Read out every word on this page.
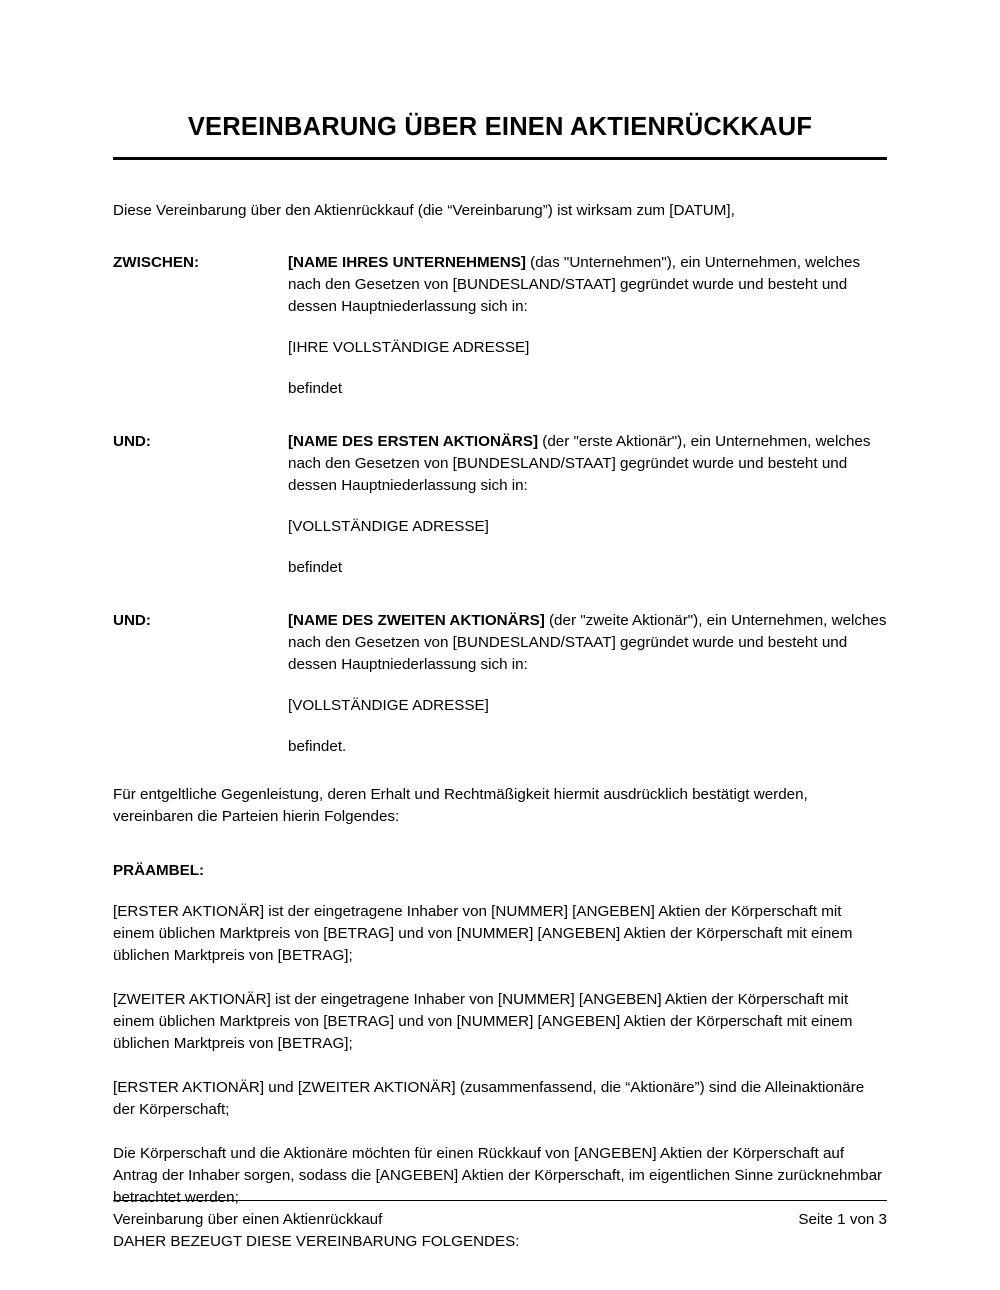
VEREINBARUNG ÜBER EINEN AKTIENRÜCKKAUF

Diese Vereinbarung über den Aktienrückkauf (die “Vereinbarung”) ist wirksam zum [DATUM],

ZWISCHEN:	[NAME IHRES UNTERNEHMENS] (das "Unternehmen"), ein Unternehmen, welches nach den Gesetzen von [BUNDESLAND/STAAT] gegründet wurde und besteht und dessen Hauptniederlassung sich in:

[IHRE VOLLSTÄNDIGE ADRESSE]

befindet

UND:	[NAME DES ERSTEN AKTIONÄRS] (der "erste Aktionär"), ein Unternehmen, welches nach den Gesetzen von [BUNDESLAND/STAAT] gegründet wurde und besteht und dessen Hauptniederlassung sich in:

[VOLLSTÄNDIGE ADRESSE]

befindet

UND:	[NAME DES ZWEITEN AKTIONÄRS] (der "zweite Aktionär"), ein Unternehmen, welches nach den Gesetzen von [BUNDESLAND/STAAT] gegründet wurde und besteht und dessen Hauptniederlassung sich in:

[VOLLSTÄNDIGE ADRESSE]

befindet.

Für entgeltliche Gegenleistung, deren Erhalt und Rechtmäßigkeit hiermit ausdrücklich bestätigt werden, vereinbaren die Parteien hierin Folgendes:

PRÄAMBEL:

[ERSTER AKTIONÄR] ist der eingetragene Inhaber von [NUMMER] [ANGEBEN] Aktien der Körperschaft mit einem üblichen Marktpreis von [BETRAG] und von [NUMMER] [ANGEBEN] Aktien der Körperschaft mit einem üblichen Marktpreis von [BETRAG];

[ZWEITER AKTIONÄR] ist der eingetragene Inhaber von [NUMMER] [ANGEBEN] Aktien der Körperschaft mit einem üblichen Marktpreis von [BETRAG] und von [NUMMER] [ANGEBEN] Aktien der Körperschaft mit einem üblichen Marktpreis von [BETRAG];

[ERSTER AKTIONÄR] und [ZWEITER AKTIONÄR] (zusammenfassend, die “Aktionäre”) sind die Alleinaktionäre der Körperschaft;

Die Körperschaft und die Aktionäre möchten für einen Rückkauf von [ANGEBEN] Aktien der Körperschaft auf Antrag der Inhaber sorgen, sodass die [ANGEBEN] Aktien der Körperschaft, im eigentlichen Sinne zurücknehmbar betrachtet werden;

DAHER BEZEUGT DIESE VEREINBARUNG FOLGENDES:

Vereinbarung über einen Aktienrückkauf	Seite 1 von 3
